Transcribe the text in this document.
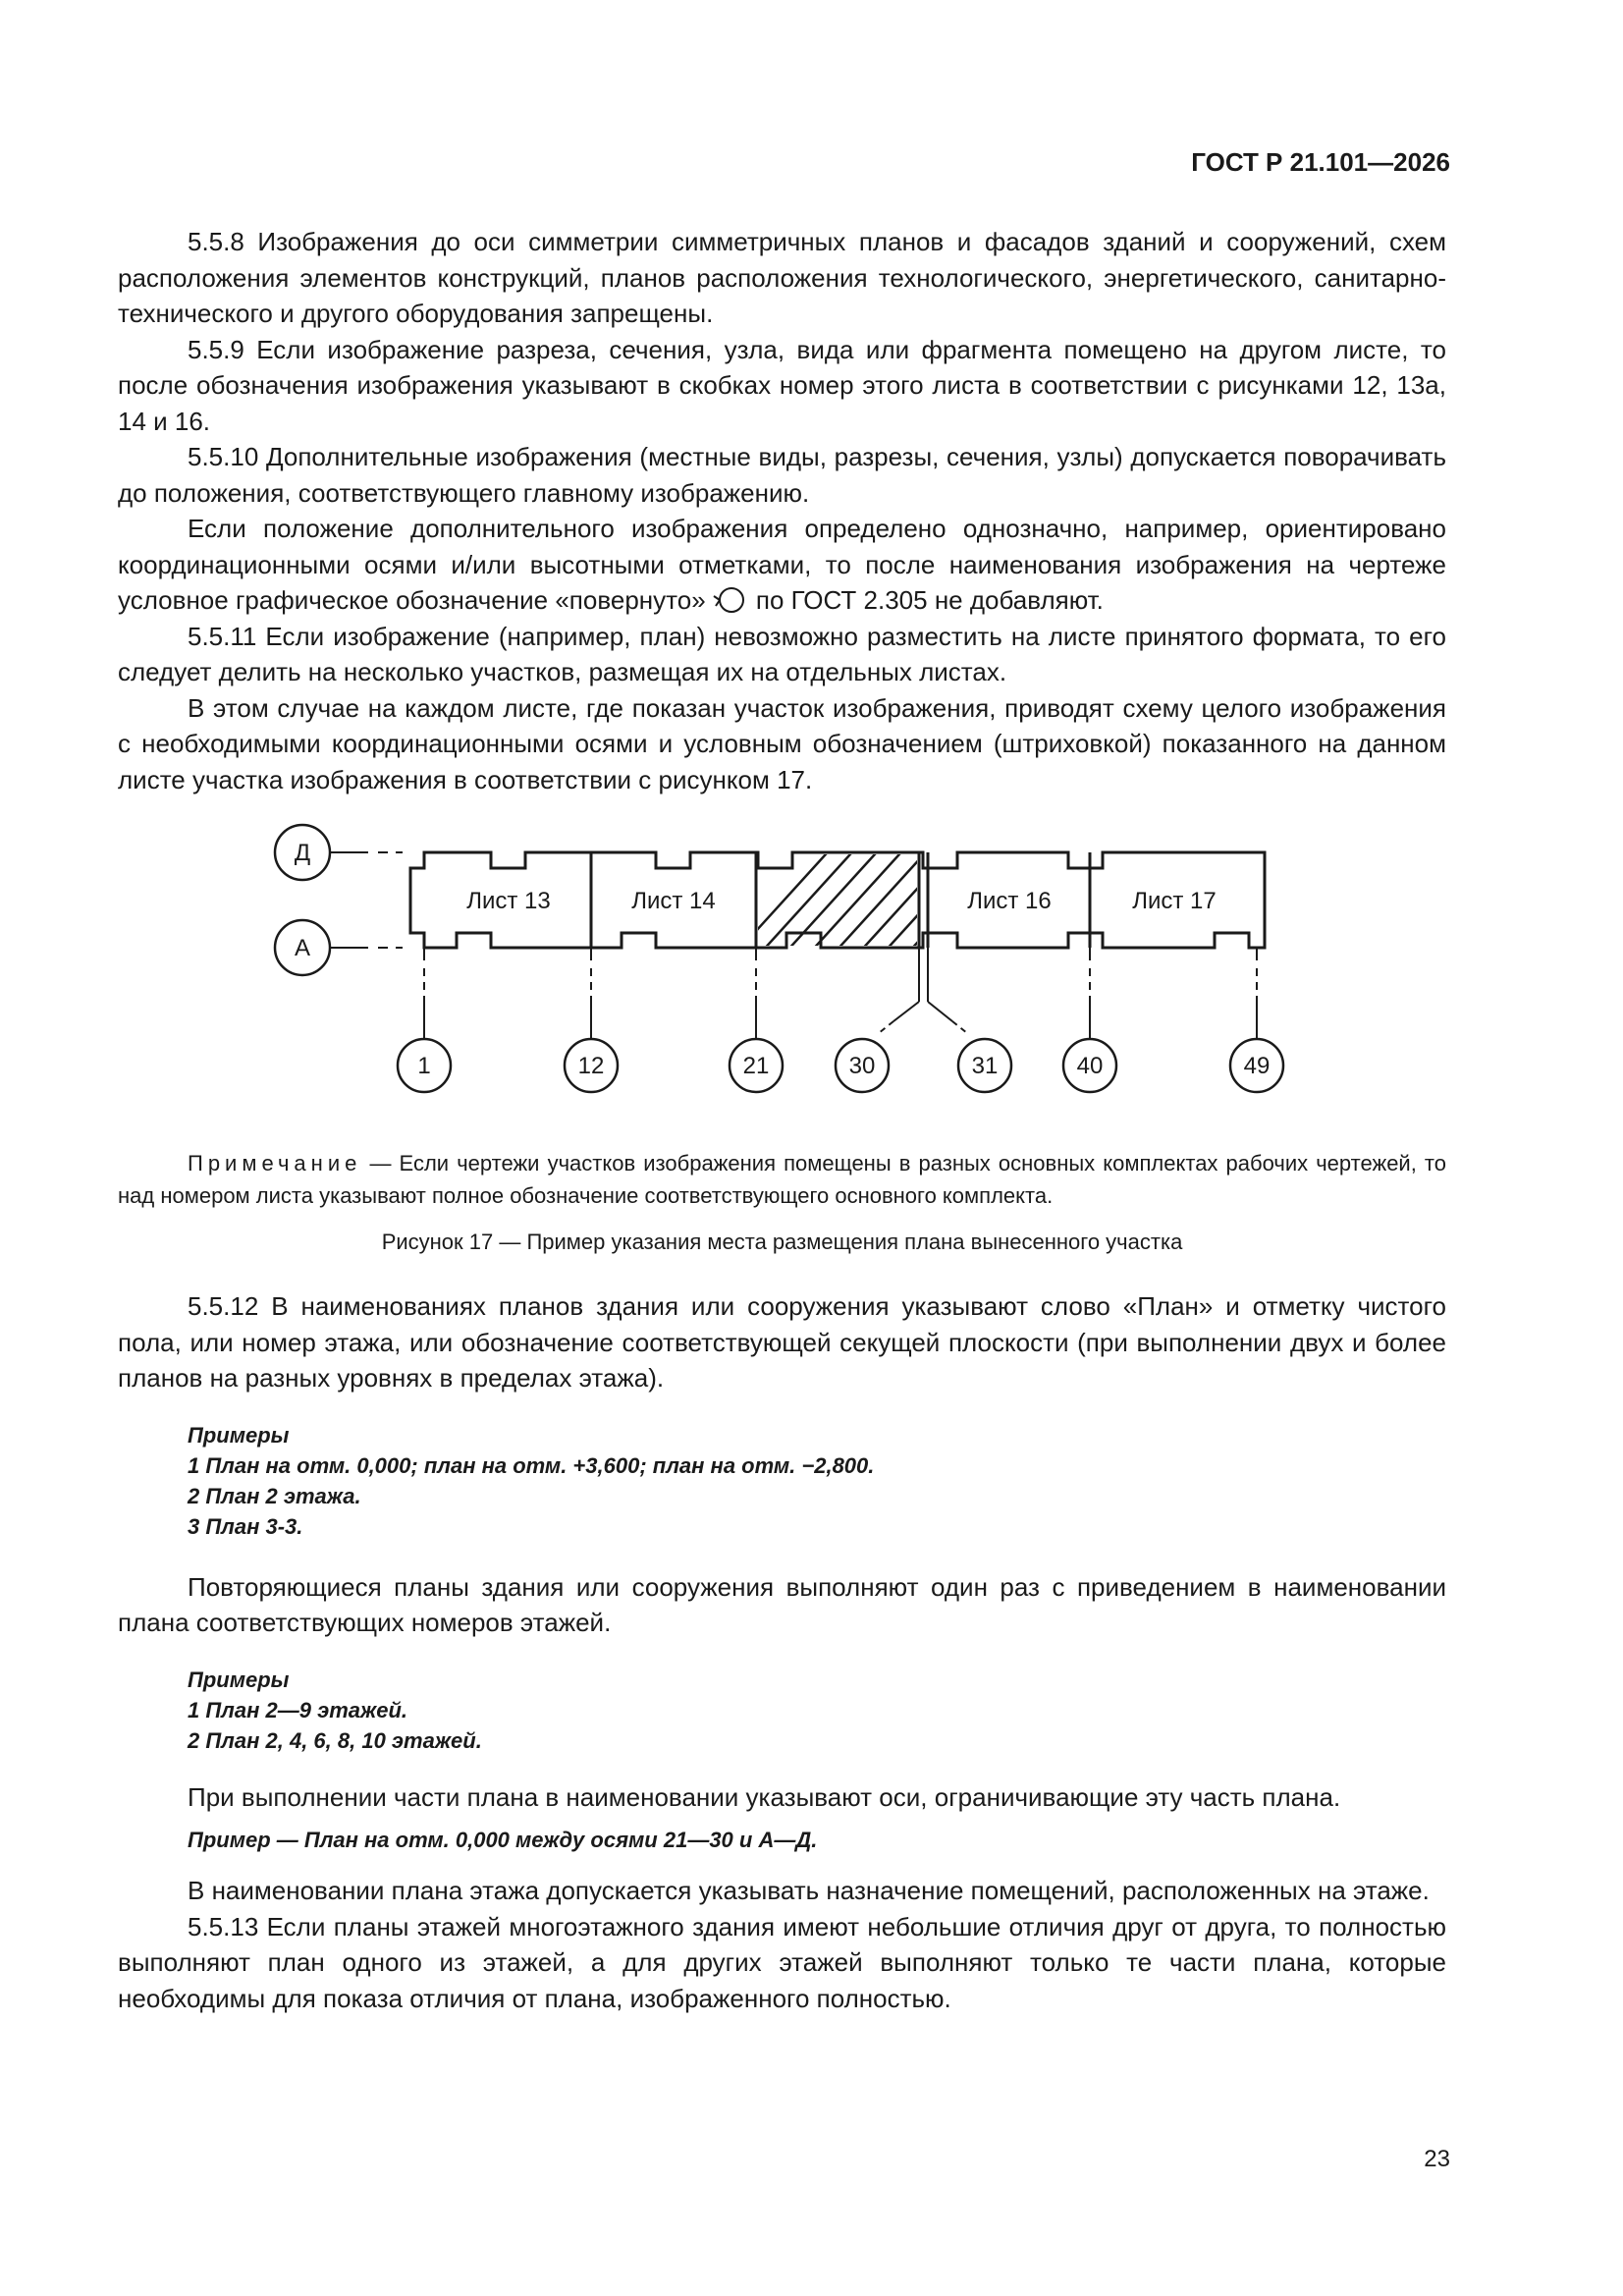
ГОСТ Р 21.101—2026

5.5.8 Изображения до оси симметрии симметричных планов и фасадов зданий и сооружений, схем расположения элементов конструкций, планов расположения технологического, энергетического, санитарно-технического и другого оборудования запрещены.

5.5.9 Если изображение разреза, сечения, узла, вида или фрагмента помещено на другом листе, то после обозначения изображения указывают в скобках номер этого листа в соответствии с рисунками 12, 13а, 14 и 16.

5.5.10 Дополнительные изображения (местные виды, разрезы, сечения, узлы) допускается поворачивать до положения, соответствующего главному изображению.

Если положение дополнительного изображения определено однозначно, например, ориентировано координационными осями и/или высотными отметками, то после наименования изображения на чертеже условное графическое обозначение «повернуто» по ГОСТ 2.305 не добавляют.

5.5.11 Если изображение (например, план) невозможно разместить на листе принятого формата, то его следует делить на несколько участков, размещая их на отдельных листах.

В этом случае на каждом листе, где показан участок изображения, приводят схему целого изображения с необходимыми координационными осями и условным обозначением (штриховкой) показанного на данном листе участка изображения в соответствии с рисунком 17.

Д
А
Лист 13	Лист 14	Лист 16	Лист 17
1	12	21	30	31	40	49

Примечание — Если чертежи участков изображения помещены в разных основных комплектах рабочих чертежей, то над номером листа указывают полное обозначение соответствующего основного комплекта.

Рисунок 17 — Пример указания места размещения плана вынесенного участка

5.5.12 В наименованиях планов здания или сооружения указывают слово «План» и отметку чистого пола, или номер этажа, или обозначение соответствующей секущей плоскости (при выполнении двух и более планов на разных уровнях в пределах этажа).

Примеры
1 План на отм. 0,000; план на отм. +3,600; план на отм. −2,800.
2 План 2 этажа.
3 План 3-3.

Повторяющиеся планы здания или сооружения выполняют один раз с приведением в наименовании плана соответствующих номеров этажей.

Примеры
1 План 2—9 этажей.
2 План 2, 4, 6, 8, 10 этажей.

При выполнении части плана в наименовании указывают оси, ограничивающие эту часть плана.

Пример — План на отм. 0,000 между осями 21—30 и А—Д.

В наименовании плана этажа допускается указывать назначение помещений, расположенных на этаже.

5.5.13 Если планы этажей многоэтажного здания имеют небольшие отличия друг от друга, то полностью выполняют план одного из этажей, а для других этажей выполняют только те части плана, которые необходимы для показа отличия от плана, изображенного полностью.

23
